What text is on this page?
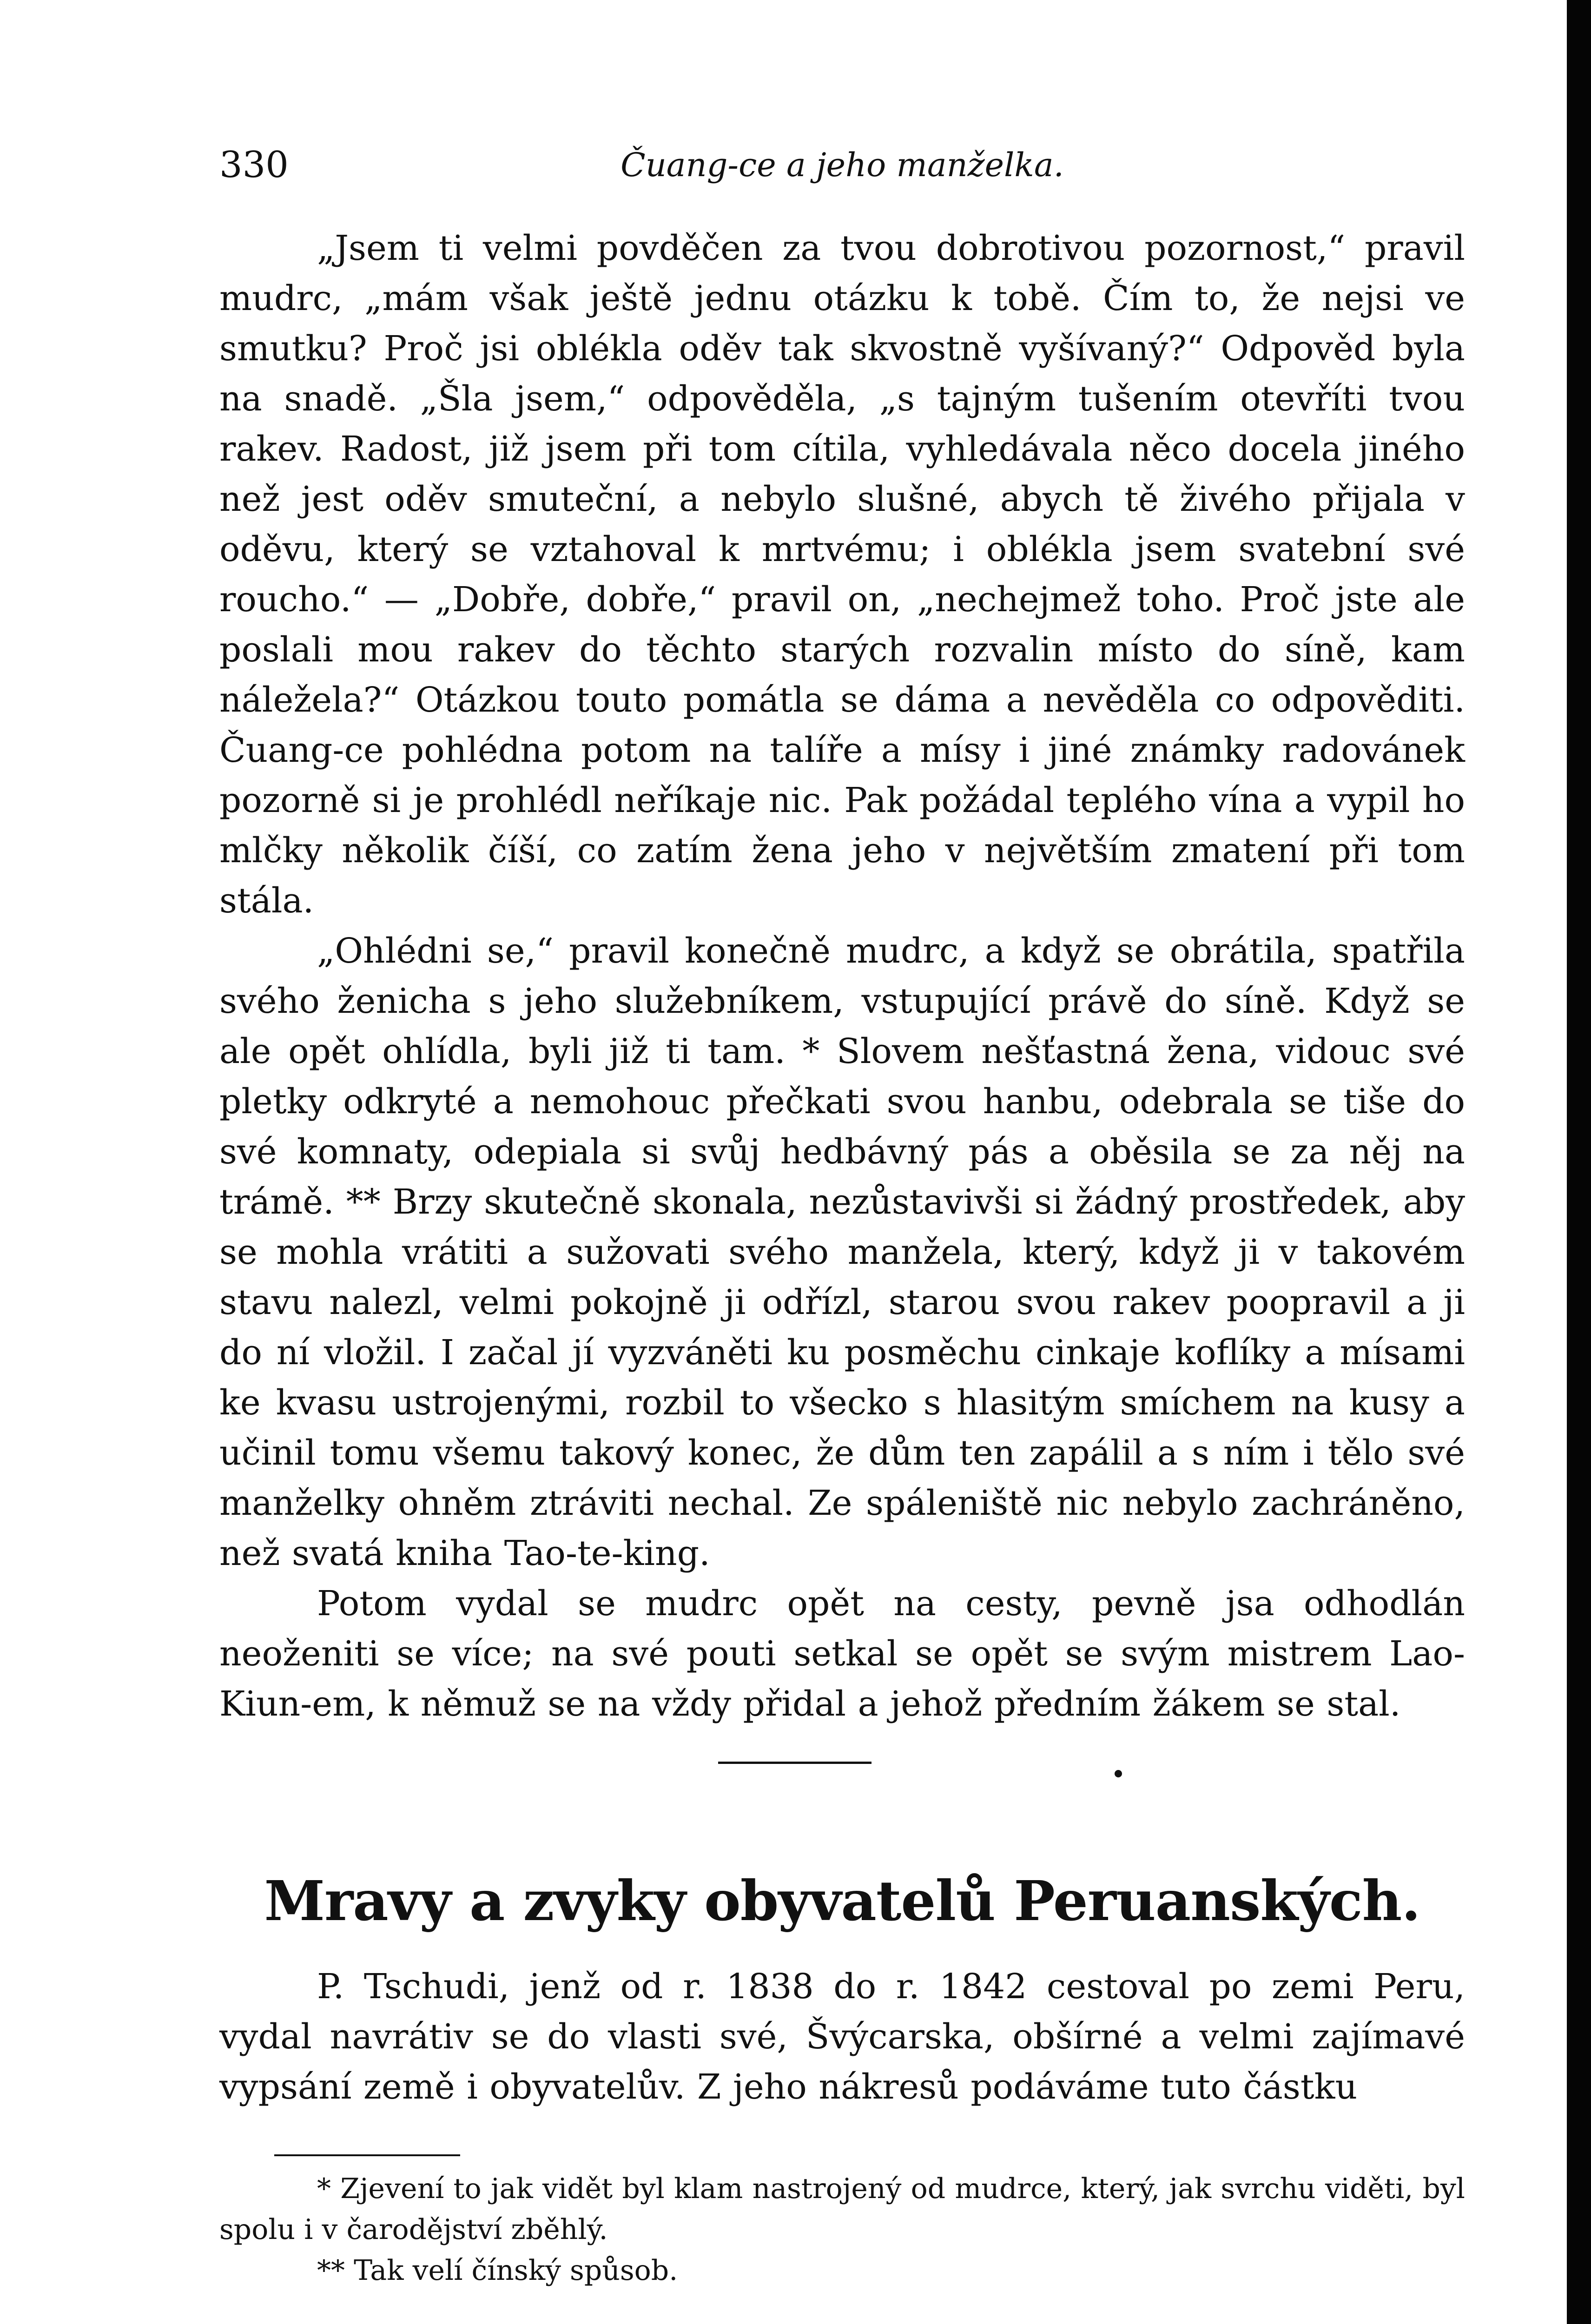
330	Čuang-ce a jeho manželka.

„Jsem ti velmi povděčen za tvou dobrotivou pozornost,“ pravil mudrc, „mám však ještě jednu otázku k tobě. Čím to, že nejsi ve smutku? Proč jsi oblékla oděv tak skvostně vyšívaný?“ Odpověd byla na snadě. „Šla jsem,“ odpověděla, „s tajným tušením otevříti tvou rakev. Radost, již jsem při tom cítila, vyhledávala něco docela jiného než jest oděv smuteční, a nebylo slušné, abych tě živého přijala v oděvu, který se vztahoval k mrtvému; i oblékla jsem svatební své roucho.“ — „Dobře, dobře,“ pravil on, „nechejmež toho. Proč jste ale poslali mou rakev do těchto starých rozvalin místo do síně, kam náležela?“ Otázkou touto pomátla se dáma a nevěděla co odpověditi. Čuang-ce pohlédna potom na talíře a mísy i jiné známky radovánek pozorně si je prohlédl neříkaje nic. Pak požádal teplého vína a vypil ho mlčky několik číší, co zatím žena jeho v největším zmatení při tom stála.

„Ohlédni se,“ pravil konečně mudrc, a když se obrátila, spatřila svého ženicha s jeho služebníkem, vstupující právě do síně. Když se ale opět ohlídla, byli již ti tam. * Slovem nešťastná žena, vidouc své pletky odkryté a nemohouc přečkati svou hanbu, odebrala se tiše do své komnaty, odepiala si svůj hedbávný pás a oběsila se za něj na trámě. ** Brzy skutečně skonala, nezůstavivši si žádný prostředek, aby se mohla vrátiti a sužovati svého manžela, který, když ji v takovém stavu nalezl, velmi pokojně ji odřízl, starou svou rakev poopravil a ji do ní vložil. I začal jí vyzváněti ku posměchu cinkaje koflíky a mísami ke kvasu ustrojenými, rozbil to všecko s hlasitým smíchem na kusy a učinil tomu všemu takový konec, že dům ten zapálil a s ním i tělo své manželky ohněm ztráviti nechal. Ze spáleniště nic nebylo zachráněno, než svatá kniha Tao-te-king.

Potom vydal se mudrc opět na cesty, pevně jsa odhodlán neoženiti se více; na své pouti setkal se opět se svým mistrem Lao-Kiun-em, k němuž se na vždy přidal a jehož předním žákem se stal.

Mravy a zvyky obyvatelů Peruanských.

P. Tschudi, jenž od r. 1838 do r. 1842 cestoval po zemi Peru, vydal navrátiv se do vlasti své, Švýcarska, obšírné a velmi zajímavé vypsání země i obyvatelův. Z jeho nákresů podáváme tuto částku

* Zjevení to jak vidět byl klam nastrojený od mudrce, který, jak svrchu viděti, byl spolu i v čarodějství zběhlý.

** Tak velí čínský spůsob.
